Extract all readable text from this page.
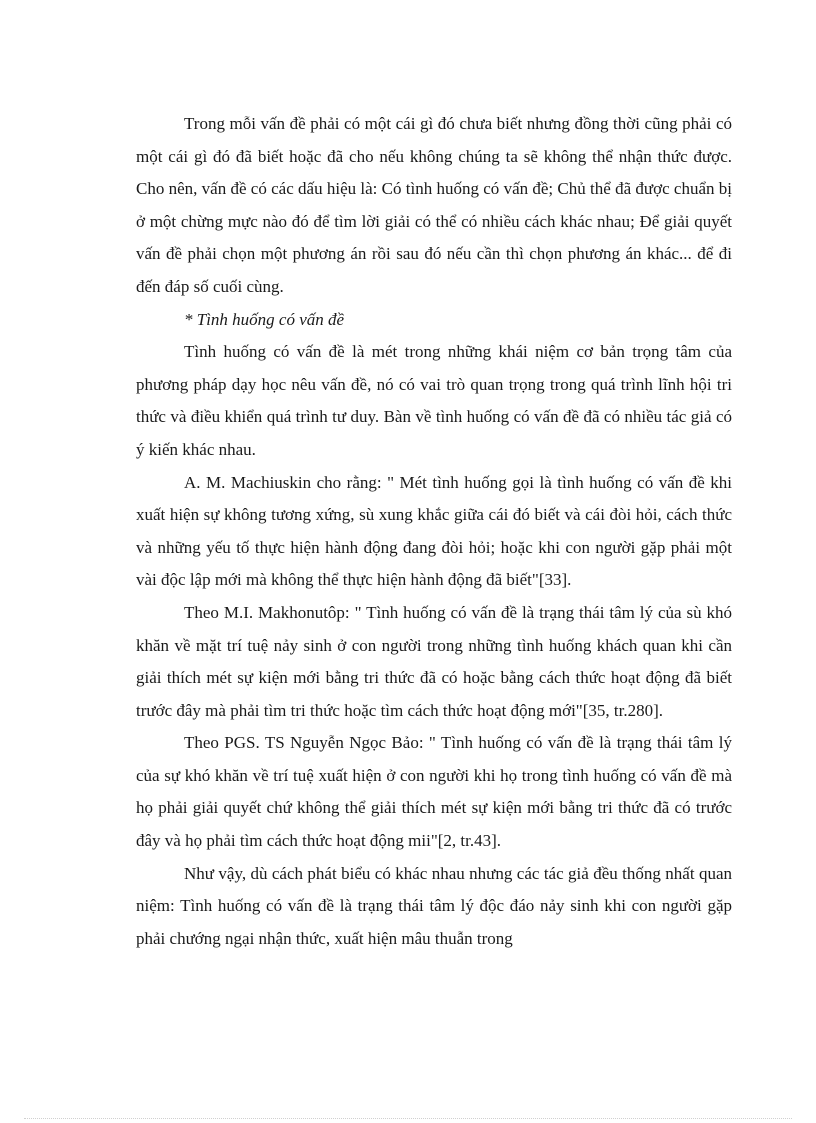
Trong mỗi vấn đề phải có một cái gì đó chưa biết nhưng đồng thời cũng phải có một cái gì đó đã biết hoặc đã cho nếu không chúng ta sẽ không thể nhận thức được. Cho nên, vấn đề có các dấu hiệu là: Có tình huống có vấn đề; Chủ thể đã được chuẩn bị ở một chừng mực nào đó để tìm lời giải có thể có nhiều cách khác nhau; Để giải quyết vấn đề phải chọn một phương án rồi sau đó nếu cần thì chọn phương án khác... để đi đến đáp số cuối cùng.

* Tình huống có vấn đề

Tình huống có vấn đề là mét trong những khái niệm cơ bản trọng tâm của phương pháp dạy học nêu vấn đề, nó có vai trò quan trọng trong quá trình lĩnh hội tri thức và điều khiển quá trình tư duy. Bàn về tình huống có vấn đề đã có nhiều tác giả có ý kiến khác nhau.

A. M. Machiuskin cho rằng: " Mét tình huống gọi là tình huống có vấn đề khi xuất hiện sự không tương xứng, sù xung khắc giữa cái đó biết và cái đòi hỏi, cách thức và những yếu tố thực hiện hành động đang đòi hỏi; hoặc khi con người gặp phải một vài độc lập mới mà không thể thực hiện hành động đã biết"[33].

Theo M.I. Makhonutôp: " Tình huống có vấn đề là trạng thái tâm lý của sù khó khăn về mặt trí tuệ nảy sinh ở con người trong những tình huống khách quan khi cần giải thích mét sự kiện mới bằng tri thức đã có hoặc bằng cách thức hoạt động đã biết trước đây mà phải tìm tri thức hoặc tìm cách thức hoạt động mới"[35, tr.280].

Theo PGS. TS Nguyễn Ngọc Bảo: " Tình huống có vấn đề là trạng thái tâm lý của sự khó khăn về trí tuệ xuất hiện ở con người khi họ trong tình huống có vấn đề mà họ phải giải quyết chứ không thể giải thích mét sự kiện mới bằng tri thức đã có trước đây và họ phải tìm cách thức hoạt động mii"[2, tr.43].

Như vậy, dù cách phát biểu có khác nhau nhưng các tác giả đều thống nhất quan niệm: Tình huống có vấn đề là trạng thái tâm lý độc đáo nảy sinh khi con người gặp phải chướng ngại nhận thức, xuất hiện mâu thuẫn trong
